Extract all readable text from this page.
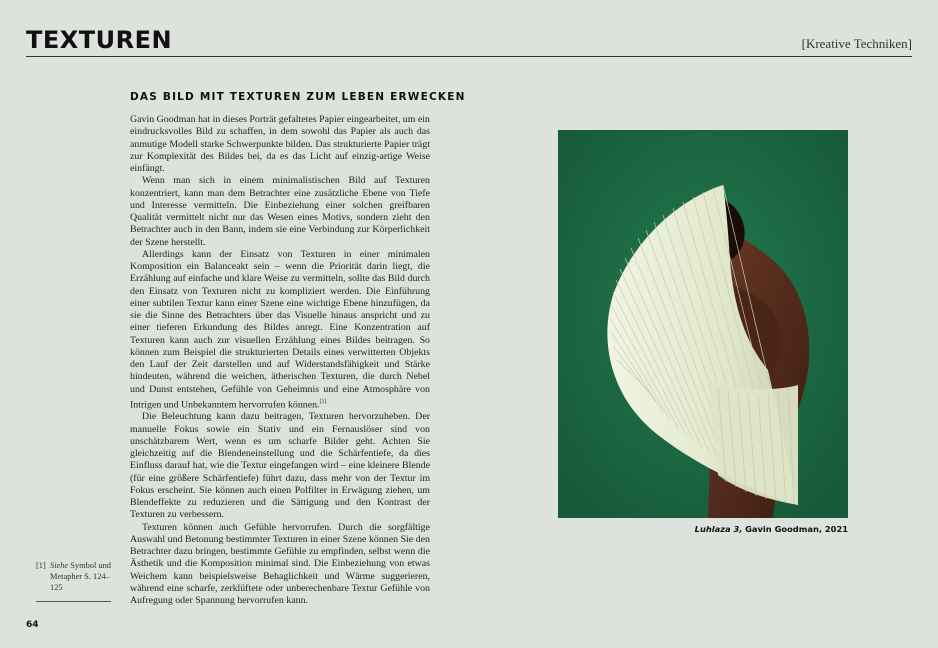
TEXTUREN	[Kreative Techniken]
DAS BILD MIT TEXTUREN ZUM LEBEN ERWECKEN

Gavin Goodman hat in dieses Porträt gefaltetes Papier eingearbeitet, um ein eindrucksvolles Bild zu schaffen, in dem sowohl das Papier als auch das anmutige Modell starke Schwerpunkte bilden. Das strukturierte Papier trägt zur Komplexität des Bildes bei, da es das Licht auf einzig-artige Weise einfängt.

Wenn man sich in einem minimalistischen Bild auf Texturen konzentriert, kann man dem Betrachter eine zusätzliche Ebene von Tiefe und Interesse vermitteln. Die Einbeziehung einer solchen greifbaren Qualität vermittelt nicht nur das Wesen eines Motivs, sondern zieht den Betrachter auch in den Bann, indem sie eine Verbindung zur Körperlichkeit der Szene herstellt.

Allerdings kann der Einsatz von Texturen in einer minimalen Komposition ein Balanceakt sein – wenn die Priorität darin liegt, die Erzählung auf einfache und klare Weise zu vermitteln, sollte das Bild durch den Einsatz von Texturen nicht zu kompliziert werden. Die Einführung einer subtilen Textur kann einer Szene eine wichtige Ebene hinzufügen, da sie die Sinne des Betrachters über das Visuelle hinaus anspricht und zu einer tieferen Erkundung des Bildes anregt. Eine Konzentration auf Texturen kann auch zur visuellen Erzählung eines Bildes beitragen. So können zum Beispiel die strukturierten Details eines verwitterten Objekts den Lauf der Zeit darstellen und auf Widerstandsfähigkeit und Stärke hindeuten, während die weichen, ätherischen Texturen, die durch Nebel und Dunst entstehen, Gefühle von Geheimnis und eine Atmosphäre von Intrigen und Unbekanntem hervorrufen können.[1]

Die Beleuchtung kann dazu beitragen, Texturen hervorzuheben. Der manuelle Fokus sowie ein Stativ und ein Fernauslöser sind von unschätzbarem Wert, wenn es um scharfe Bilder geht. Achten Sie gleichzeitig auf die Blendeneinstellung und die Schärfentiefe, da dies Einfluss darauf hat, wie die Textur eingefangen wird – eine kleinere Blende (für eine größere Schärfentiefe) führt dazu, dass mehr von der Textur im Fokus erscheint. Sie können auch einen Polfilter in Erwägung ziehen, um Blendeffekte zu reduzieren und die Sättigung und den Kontrast der Texturen zu verbessern.

Texturen können auch Gefühle hervorrufen. Durch die sorgfältige Auswahl und Betonung bestimmter Texturen in einer Szene können Sie den Betrachter dazu bringen, bestimmte Gefühle zu empfinden, selbst wenn die Ästhetik und die Komposition minimal sind. Die Einbeziehung von etwas Weichem kann beispielsweise Behaglichkeit und Wärme suggerieren, während eine scharfe, zerklüftete oder unberechenbare Textur Gefühle von Aufregung oder Spannung hervorrufen kann.

[1] Siehe Symbol und Metapher S. 124–125
64
Luhlaza 3, Gavin Goodman, 2021
